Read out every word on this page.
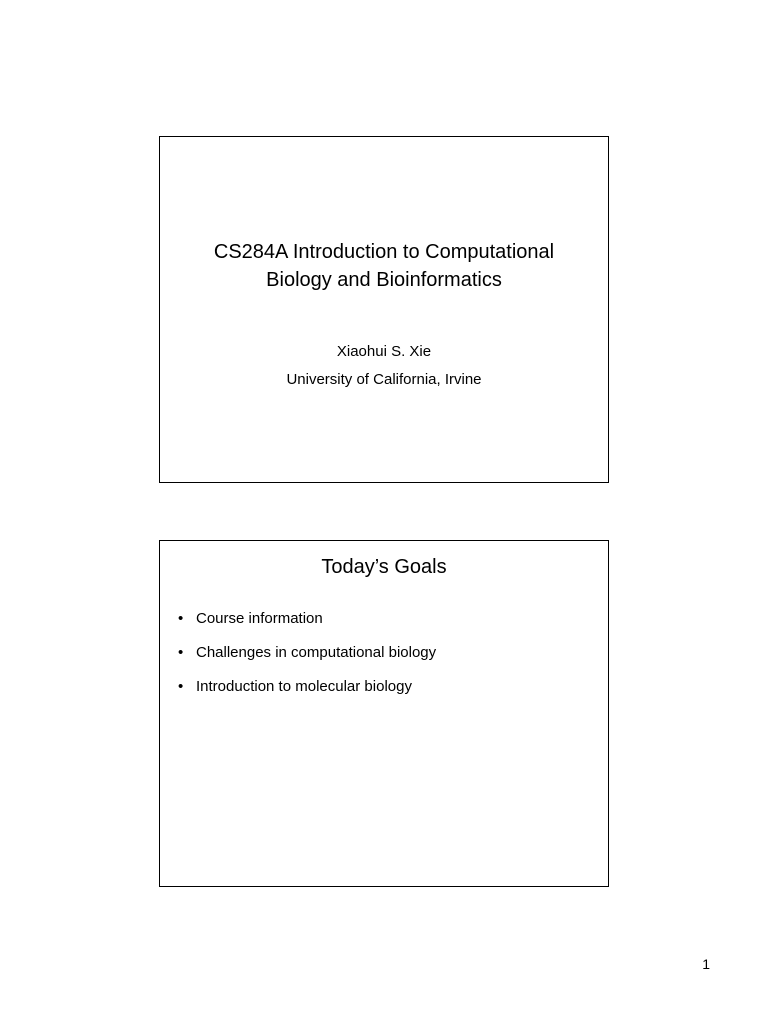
CS284A Introduction to Computational
Biology and Bioinformatics
Xiaohui S. Xie
University of California, Irvine
Today’s Goals
• Course information
• Challenges in computational biology
• Introduction to molecular biology
1
